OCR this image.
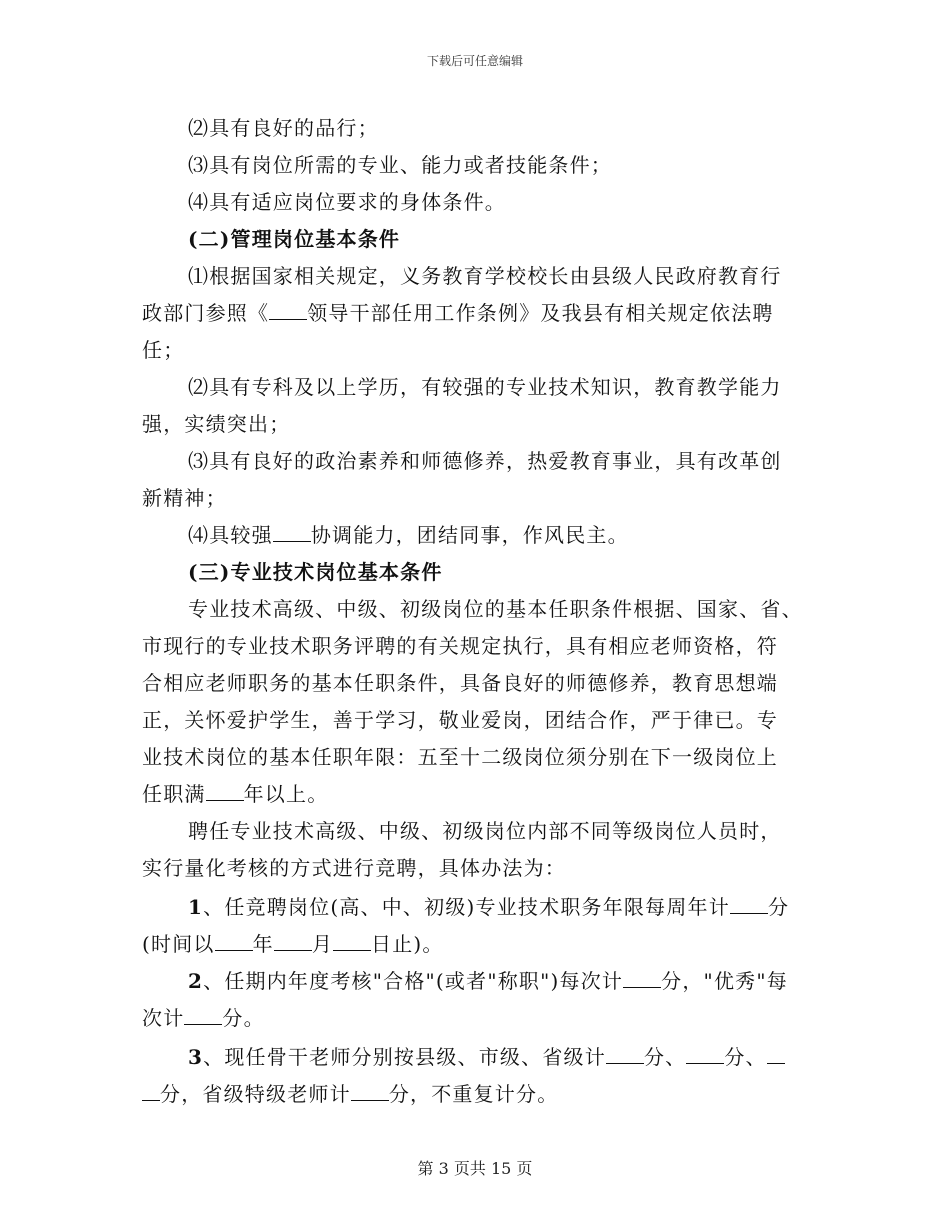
下载后可任意编辑
⑵具有良好的品行；
⑶具有岗位所需的专业、能力或者技能条件；
⑷具有适应岗位要求的身体条件。
(二)管理岗位基本条件
⑴根据国家相关规定，义务教育学校校长由县级人民政府教育行
政部门参照《 领导干部任用工作条例》及我县有相关规定依法聘
任；
⑵具有专科及以上学历，有较强的专业技术知识，教育教学能力
强，实绩突出；
⑶具有良好的政治素养和师德修养，热爱教育事业，具有改革创
新精神；
⑷具较强 协调能力，团结同事，作风民主。
(三)专业技术岗位基本条件
专业技术高级、中级、初级岗位的基本任职条件根据、国家、省、
市现行的专业技术职务评聘的有关规定执行，具有相应老师资格，符
合相应老师职务的基本任职条件，具备良好的师德修养，教育思想端
正，关怀爱护学生，善于学习，敬业爱岗，团结合作，严于律已。专
业技术岗位的基本任职年限：五至十二级岗位须分别在下一级岗位上
任职满 年以上。
聘任专业技术高级、中级、初级岗位内部不同等级岗位人员时，
实行量化考核的方式进行竞聘，具体办法为：
1、任竞聘岗位(高、中、初级)专业技术职务年限每周年计 分
(时间以 年 月 日止)。
2、任期内年度考核"合格"(或者"称职")每次计 分，"优秀"每
次计 分。
3、现任骨干老师分别按县级、市级、省级计 分、 分、
分，省级特级老师计 分，不重复计分。
第 3 页共 15 页
